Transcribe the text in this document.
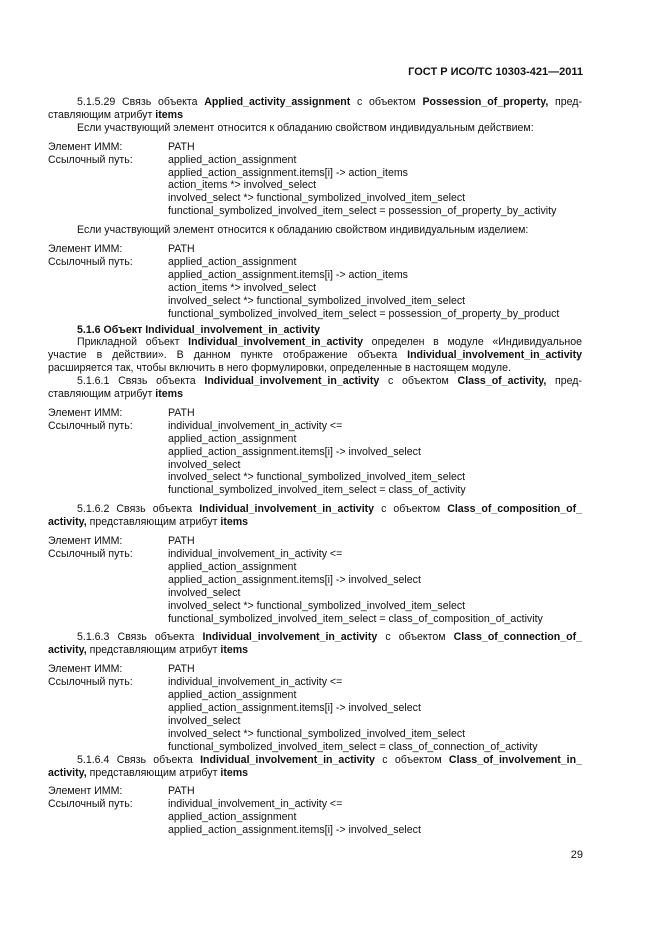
ГОСТ Р ИСО/ТС 10303-421—2011

5.1.5.29 Связь объекта Applied_activity_assignment с объектом Possession_of_property, пред-ставляющим атрибут items

Если участвующий элемент относится к обладанию свойством индивидуальным действием:

Элемент ИММ:	PATH
Ссылочный путь:	applied_action_assignment
applied_action_assignment.items[i] -> action_items
action_items *> involved_select
involved_select *> functional_symbolized_involved_item_select
functional_symbolized_involved_item_select = possession_of_property_by_activity

Если участвующий элемент относится к обладанию свойством индивидуальным изделием:

Элемент ИММ:	PATH
Ссылочный путь:	applied_action_assignment
applied_action_assignment.items[i] -> action_items
action_items *> involved_select
involved_select *> functional_symbolized_involved_item_select
functional_symbolized_involved_item_select = possession_of_property_by_product

5.1.6 Объект Individual_involvement_in_activity

Прикладной объект Individual_involvement_in_activity определен в модуле «Индивидуальное участие в действии». В данном пункте отображение объекта Individual_involvement_in_activity расширяется так, чтобы включить в него формулировки, определенные в настоящем модуле.

5.1.6.1 Связь объекта Individual_involvement_in_activity с объектом Class_of_activity, пред-ставляющим атрибут items

Элемент ИММ:	PATH
Ссылочный путь:	individual_involvement_in_activity <=
applied_action_assignment
applied_action_assignment.items[i] -> involved_select
involved_select
involved_select *> functional_symbolized_involved_item_select
functional_symbolized_involved_item_select = class_of_activity

5.1.6.2 Связь объекта Individual_involvement_in_activity с объектом Class_of_composition_of_ activity, представляющим атрибут items

Элемент ИММ:	PATH
Ссылочный путь:	individual_involvement_in_activity <=
applied_action_assignment
applied_action_assignment.items[i] -> involved_select
involved_select
involved_select *> functional_symbolized_involved_item_select
functional_symbolized_involved_item_select = class_of_composition_of_activity

5.1.6.3 Связь объекта Individual_involvement_in_activity с объектом Class_of_connection_of_ activity, представляющим атрибут items

Элемент ИММ:	PATH
Ссылочный путь:	individual_involvement_in_activity <=
applied_action_assignment
applied_action_assignment.items[i] -> involved_select
involved_select
involved_select *> functional_symbolized_involved_item_select
functional_symbolized_involved_item_select = class_of_connection_of_activity

5.1.6.4 Связь объекта Individual_involvement_in_activity с объектом Class_of_involvement_in_ activity, представляющим атрибут items

Элемент ИММ:	PATH
Ссылочный путь:	individual_involvement_in_activity <=
applied_action_assignment
applied_action_assignment.items[i] -> involved_select
29
